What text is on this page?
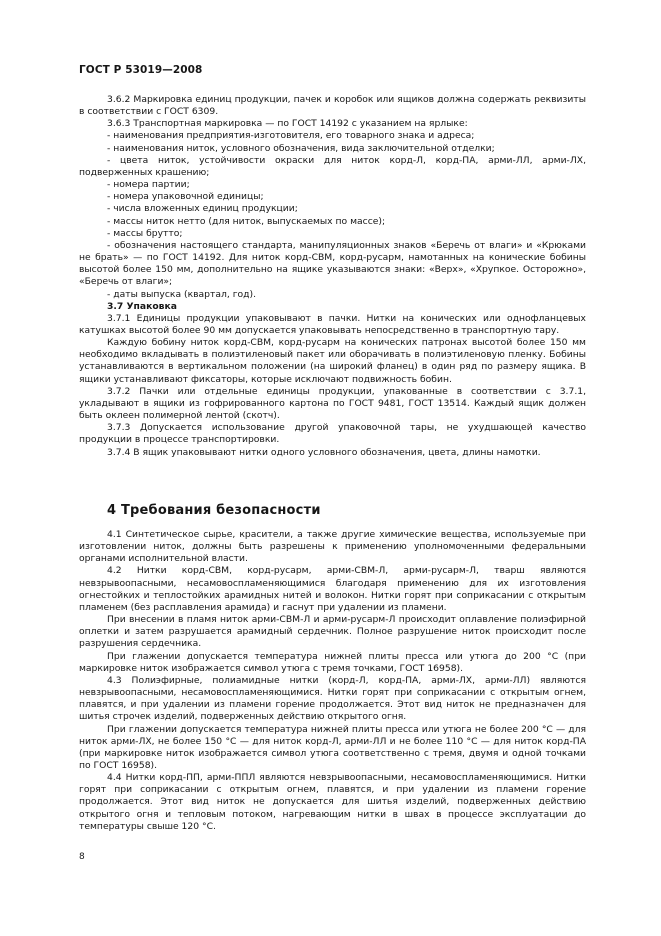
ГОСТ Р 53019—2008

3.6.2 Маркировка единиц продукции, пачек и коробок или ящиков должна содержать реквизиты в соответствии с ГОСТ 6309.

3.6.3 Транспортная маркировка — по ГОСТ 14192 с указанием на ярлыке:

- наименования предприятия-изготовителя, его товарного знака и адреса;

- наименования ниток, условного обозначения, вида заключительной отделки;

- цвета ниток, устойчивости окраски для ниток корд-Л, корд-ПА, арми-ЛЛ, арми-ЛХ, подверженных крашению;

- номера партии;

- номера упаковочной единицы;

- числа вложенных единиц продукции;

- массы ниток нетто (для ниток, выпускаемых по массе);

- массы брутто;

- обозначения настоящего стандарта, манипуляционных знаков «Беречь от влаги» и «Крюками не брать» — по ГОСТ 14192. Для ниток корд-СВМ, корд-русарм, намотанных на конические бобины высотой более 150 мм, дополнительно на ящике указываются знаки: «Верх», «Хрупкое. Осторожно», «Беречь от влаги»;

- даты выпуска (квартал, год).

3.7 Упаковка

3.7.1 Единицы продукции упаковывают в пачки. Нитки на конических или однофланцевых катушках высотой более 90 мм допускается упаковывать непосредственно в транспортную тару.

Каждую бобину ниток корд-СВМ, корд-русарм на конических патронах высотой более 150 мм необходимо вкладывать в полиэтиленовый пакет или оборачивать в полиэтиленовую пленку. Бобины устанавливаются в вертикальном положении (на широкий фланец) в один ряд по размеру ящика. В ящики устанавливают фиксаторы, которые исключают подвижность бобин.

3.7.2 Пачки или отдельные единицы продукции, упакованные в соответствии с 3.7.1, укладывают в ящики из гофрированного картона по ГОСТ 9481, ГОСТ 13514. Каждый ящик должен быть оклеен полимерной лентой (скотч).

3.7.3 Допускается использование другой упаковочной тары, не ухудшающей качество продукции в процессе транспортировки.

3.7.4 В ящик упаковывают нитки одного условного обозначения, цвета, длины намотки.

4 Требования безопасности

4.1 Синтетическое сырье, красители, а также другие химические вещества, используемые при изготовлении ниток, должны быть разрешены к применению уполномоченными федеральными органами исполнительной власти.

4.2 Нитки корд-СВМ, корд-русарм, арми-СВМ-Л, арми-русарм-Л, тварш являются невзрывоопасными, несамовоспламеняющимися благодаря применению для их изготовления огнестойких и теплостойких арамидных нитей и волокон. Нитки горят при соприкасании с открытым пламенем (без расплавления арамида) и гаснут при удалении из пламени.

При внесении в пламя ниток арми-СВМ-Л и арми-русарм-Л происходит оплавление полиэфирной оплетки и затем разрушается арамидный сердечник. Полное разрушение ниток происходит после разрушения сердечника.

При глажении допускается температура нижней плиты пресса или утюга до 200 °С (при маркировке ниток изображается символ утюга с тремя точками, ГОСТ 16958).

4.3 Полиэфирные, полиамидные нитки (корд-Л, корд-ПА, арми-ЛХ, арми-ЛЛ) являются невзрывоопасными, несамовоспламеняющимися. Нитки горят при соприкасании с открытым огнем, плавятся, и при удалении из пламени горение продолжается. Этот вид ниток не предназначен для шитья строчек изделий, подверженных действию открытого огня.

При глажении допускается температура нижней плиты пресса или утюга не более 200 °С — для ниток арми-ЛХ, не более 150 °С — для ниток корд-Л, арми-ЛЛ и не более 110 °С — для ниток корд-ПА (при маркировке ниток изображается символ утюга соответственно с тремя, двумя и одной точками по ГОСТ 16958).

4.4 Нитки корд-ПП, арми-ППЛ являются невзрывоопасными, несамовоспламеняющимися. Нитки горят при соприкасании с открытым огнем, плавятся, и при удалении из пламени горение продолжается. Этот вид ниток не допускается для шитья изделий, подверженных действию открытого огня и тепловым потоком, нагревающим нитки в швах в процессе эксплуатации до температуры свыше 120 °С.

8
